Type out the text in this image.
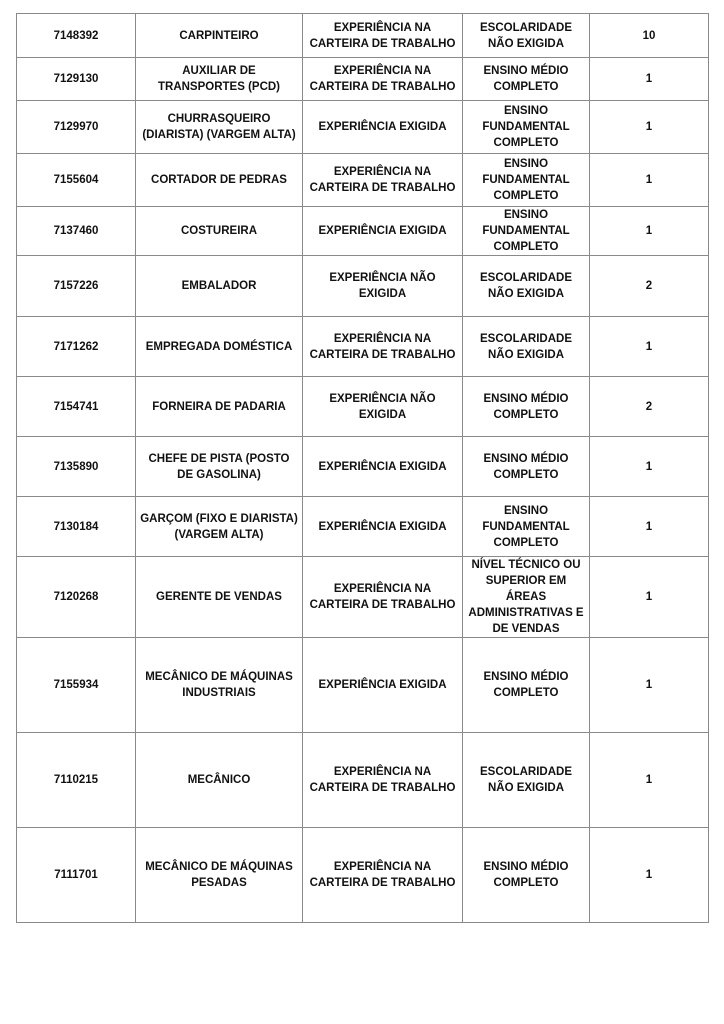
7148392	CARPINTEIRO	EXPERIÊNCIA NA CARTEIRA DE TRABALHO	ESCOLARIDADE NÃO EXIGIDA	10
7129130	AUXILIAR DE TRANSPORTES (PCD)	EXPERIÊNCIA NA CARTEIRA DE TRABALHO	ENSINO MÉDIO COMPLETO	1
7129970	CHURRASQUEIRO (DIARISTA) (VARGEM ALTA)	EXPERIÊNCIA EXIGIDA	ENSINO FUNDAMENTAL COMPLETO	1
7155604	CORTADOR DE PEDRAS	EXPERIÊNCIA NA CARTEIRA DE TRABALHO	ENSINO FUNDAMENTAL COMPLETO	1
7137460	COSTUREIRA	EXPERIÊNCIA EXIGIDA	ENSINO FUNDAMENTAL COMPLETO	1
7157226	EMBALADOR	EXPERIÊNCIA NÃO EXIGIDA	ESCOLARIDADE NÃO EXIGIDA	2
7171262	EMPREGADA DOMÉSTICA	EXPERIÊNCIA NA CARTEIRA DE TRABALHO	ESCOLARIDADE NÃO EXIGIDA	1
7154741	FORNEIRA DE PADARIA	EXPERIÊNCIA NÃO EXIGIDA	ENSINO MÉDIO COMPLETO	2
7135890	CHEFE DE PISTA (POSTO DE GASOLINA)	EXPERIÊNCIA EXIGIDA	ENSINO MÉDIO COMPLETO	1
7130184	GARÇOM (FIXO E DIARISTA) (VARGEM ALTA)	EXPERIÊNCIA EXIGIDA	ENSINO FUNDAMENTAL COMPLETO	1
7120268	GERENTE DE VENDAS	EXPERIÊNCIA NA CARTEIRA DE TRABALHO	NÍVEL TÉCNICO OU SUPERIOR EM ÁREAS ADMINISTRATIVAS E DE VENDAS	1
7155934	MECÂNICO DE MÁQUINAS INDUSTRIAIS	EXPERIÊNCIA EXIGIDA	ENSINO MÉDIO COMPLETO	1
7110215	MECÂNICO	EXPERIÊNCIA NA CARTEIRA DE TRABALHO	ESCOLARIDADE NÃO EXIGIDA	1
7111701	MECÂNICO DE MÁQUINAS PESADAS	EXPERIÊNCIA NA CARTEIRA DE TRABALHO	ENSINO MÉDIO COMPLETO	1
